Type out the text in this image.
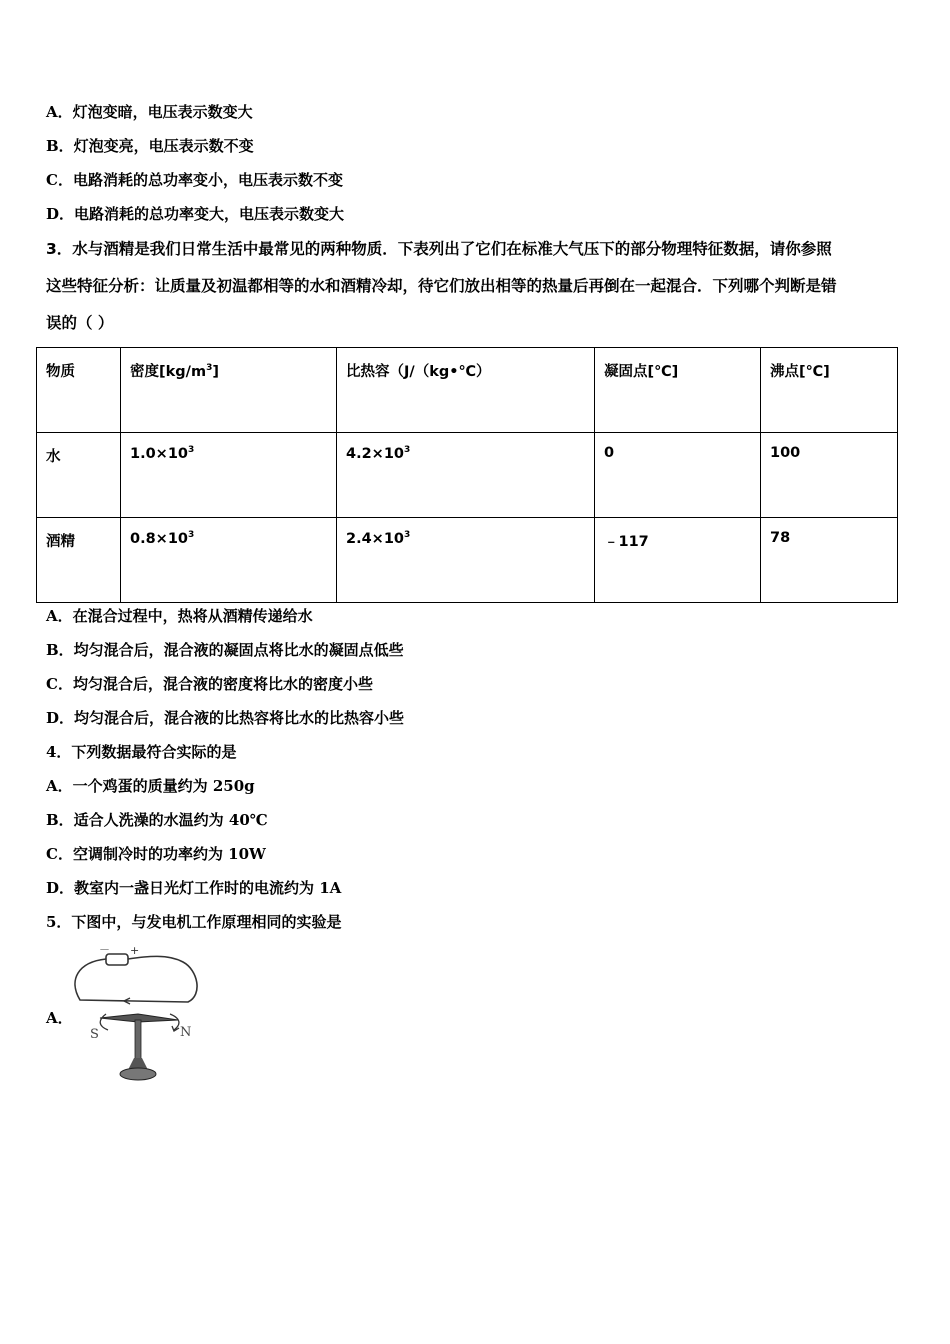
A．灯泡变暗，电压表示数变大
B．灯泡变亮，电压表示数不变
C．电路消耗的总功率变小，电压表示数不变
D．电路消耗的总功率变大，电压表示数变大
3．水与酒精是我们日常生活中最常见的两种物质．下表列出了它们在标准大气压下的部分物理特征数据，请你参照
这些特征分析：让质量及初温都相等的水和酒精冷却，待它们放出相等的热量后再倒在一起混合．下列哪个判断是错
误的（ ）
物质	密度$[kg/m^3]$	比热容（J/（kg•℃）	凝固点[℃]	沸点[℃]
水	$1.0\times 10^3$	$4.2\times 10^3$	0	100
酒精	$0.8\times 10^3$	$2.4\times 10^3$	﹣117	78
A．在混合过程中，热将从酒精传递给水
B．均匀混合后，混合液的凝固点将比水的凝固点低些
C．均匀混合后，混合液的密度将比水的密度小些
D．均匀混合后，混合液的比热容将比水的比热容小些
4．下列数据最符合实际的是
A．一个鸡蛋的质量约为 250g
B．适合人洗澡的水温约为 40℃
C．空调制冷时的功率约为 10W
D．教室内一盏日光灯工作时的电流约为 1A
5．下图中，与发电机工作原理相同的实验是
A．
－ +
S	N
